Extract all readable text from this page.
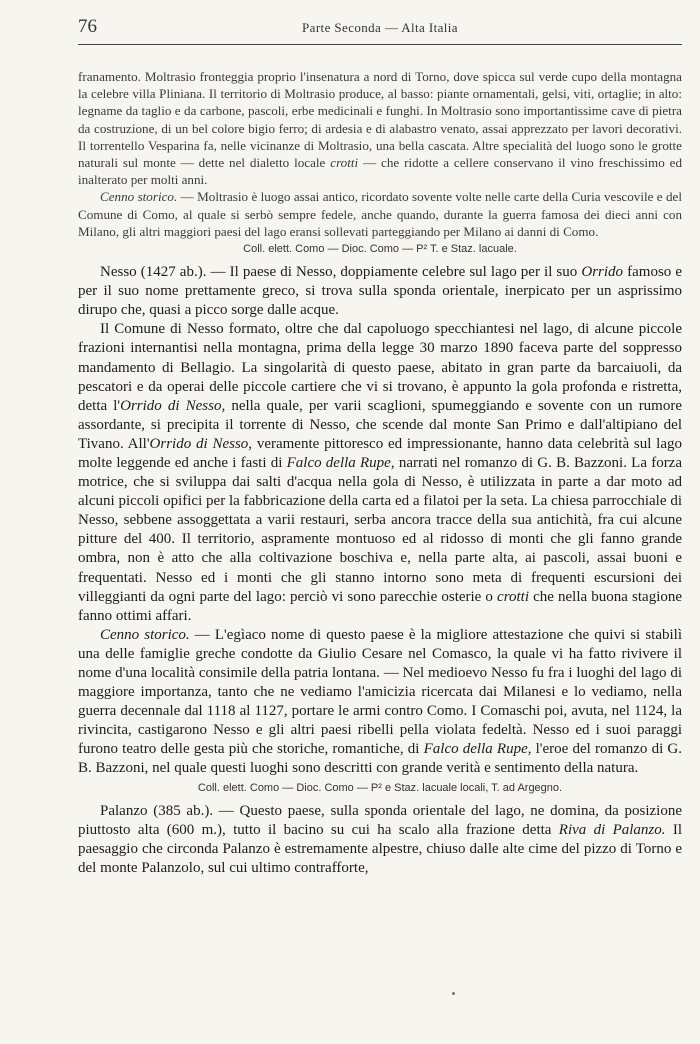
76	Parte Seconda — Alta Italia

franamento. Moltrasio fronteggia proprio l'insenatura a nord di Torno, dove spicca sul verde cupo della montagna la celebre villa Pliniana. Il territorio di Moltrasio produce, al basso: piante ornamentali, gelsi, viti, ortaglie; in alto: legname da taglio e da carbone, pascoli, erbe medicinali e funghi. In Moltrasio sono importantissime cave di pietra da costruzione, di un bel colore bigio ferro; di ardesia e di alabastro venato, assai apprezzato per lavori decorativi. Il torrentello Vesparina fa, nelle vicinanze di Moltrasio, una bella cascata. Altre specialità del luogo sono le grotte naturali sul monte — dette nel dialetto locale crotti — che ridotte a cellere conservano il vino freschissimo ed inalterato per molti anni.

Cenno storico. — Moltrasio è luogo assai antico, ricordato sovente volte nelle carte della Curia vescovile e del Comune di Como, al quale si serbò sempre fedele, anche quando, durante la guerra famosa dei dieci anni con Milano, gli altri maggiori paesi del lago eransi sollevati parteggiando per Milano ai danni di Como.

Coll. elett. Como — Dioc. Como — P² T. e Staz. lacuale.

Nesso (1427 ab.). — Il paese di Nesso, doppiamente celebre sul lago per il suo Orrido famoso e per il suo nome prettamente greco, si trova sulla sponda orientale, inerpicato per un asprissimo dirupo che, quasi a picco sorge dalle acque.

Il Comune di Nesso formato, oltre che dal capoluogo specchiantesi nel lago, di alcune piccole frazioni internantisi nella montagna, prima della legge 30 marzo 1890 faceva parte del soppresso mandamento di Bellagio. La singolarità di questo paese, abitato in gran parte da barcaiuoli, da pescatori e da operai delle piccole cartiere che vi si trovano, è appunto la gola profonda e ristretta, detta l'Orrido di Nesso, nella quale, per varii scaglioni, spumeggiando e sovente con un rumore assordante, si precipita il torrente di Nesso, che scende dal monte San Primo e dall'altipiano del Tivano. All'Orrido di Nesso, veramente pittoresco ed impressionante, hanno data celebrità sul lago molte leggende ed anche i fasti di Falco della Rupe, narrati nel romanzo di G. B. Bazzoni. La forza motrice, che si sviluppa dai salti d'acqua nella gola di Nesso, è utilizzata in parte a dar moto ad alcuni piccoli opifici per la fabbricazione della carta ed a filatoi per la seta. La chiesa parrocchiale di Nesso, sebbene assoggettata a varii restauri, serba ancora tracce della sua antichità, fra cui alcune pitture del 400. Il territorio, aspramente montuoso ed al ridosso di monti che gli fanno grande ombra, non è atto che alla coltivazione boschiva e, nella parte alta, ai pascoli, assai buoni e frequentati. Nesso ed i monti che gli stanno intorno sono meta di frequenti escursioni dei villeggianti da ogni parte del lago: perciò vi sono parecchie osterie o crotti che nella buona stagione fanno ottimi affari.

Cenno storico. — L'egìaco nome di questo paese è la migliore attestazione che quivi si stabilì una delle famiglie greche condotte da Giulio Cesare nel Comasco, la quale vi ha fatto rivivere il nome d'una località consimile della patria lontana. — Nel medioevo Nesso fu fra i luoghi del lago di maggiore importanza, tanto che ne vediamo l'amicizia ricercata dai Milanesi e lo vediamo, nella guerra decennale dal 1118 al 1127, portare le armi contro Como. I Comaschi poi, avuta, nel 1124, la rivincita, castigarono Nesso e gli altri paesi ribelli pella violata fedeltà. Nesso ed i suoi paraggi furono teatro delle gesta più che storiche, romantiche, di Falco della Rupe, l'eroe del romanzo di G. B. Bazzoni, nel quale questi luoghi sono descritti con grande verità e sentimento della natura.

Coll. elett. Como — Dioc. Como — P² e Staz. lacuale locali, T. ad Argegno.

Palanzo (385 ab.). — Questo paese, sulla sponda orientale del lago, ne domina, da posizione piuttosto alta (600 m.), tutto il bacino su cui ha scalo alla frazione detta Riva di Palanzo. Il paesaggio che circonda Palanzo è estremamente alpestre, chiuso dalle alte cime del pizzo di Torno e del monte Palanzolo, sul cui ultimo contrafforte,
